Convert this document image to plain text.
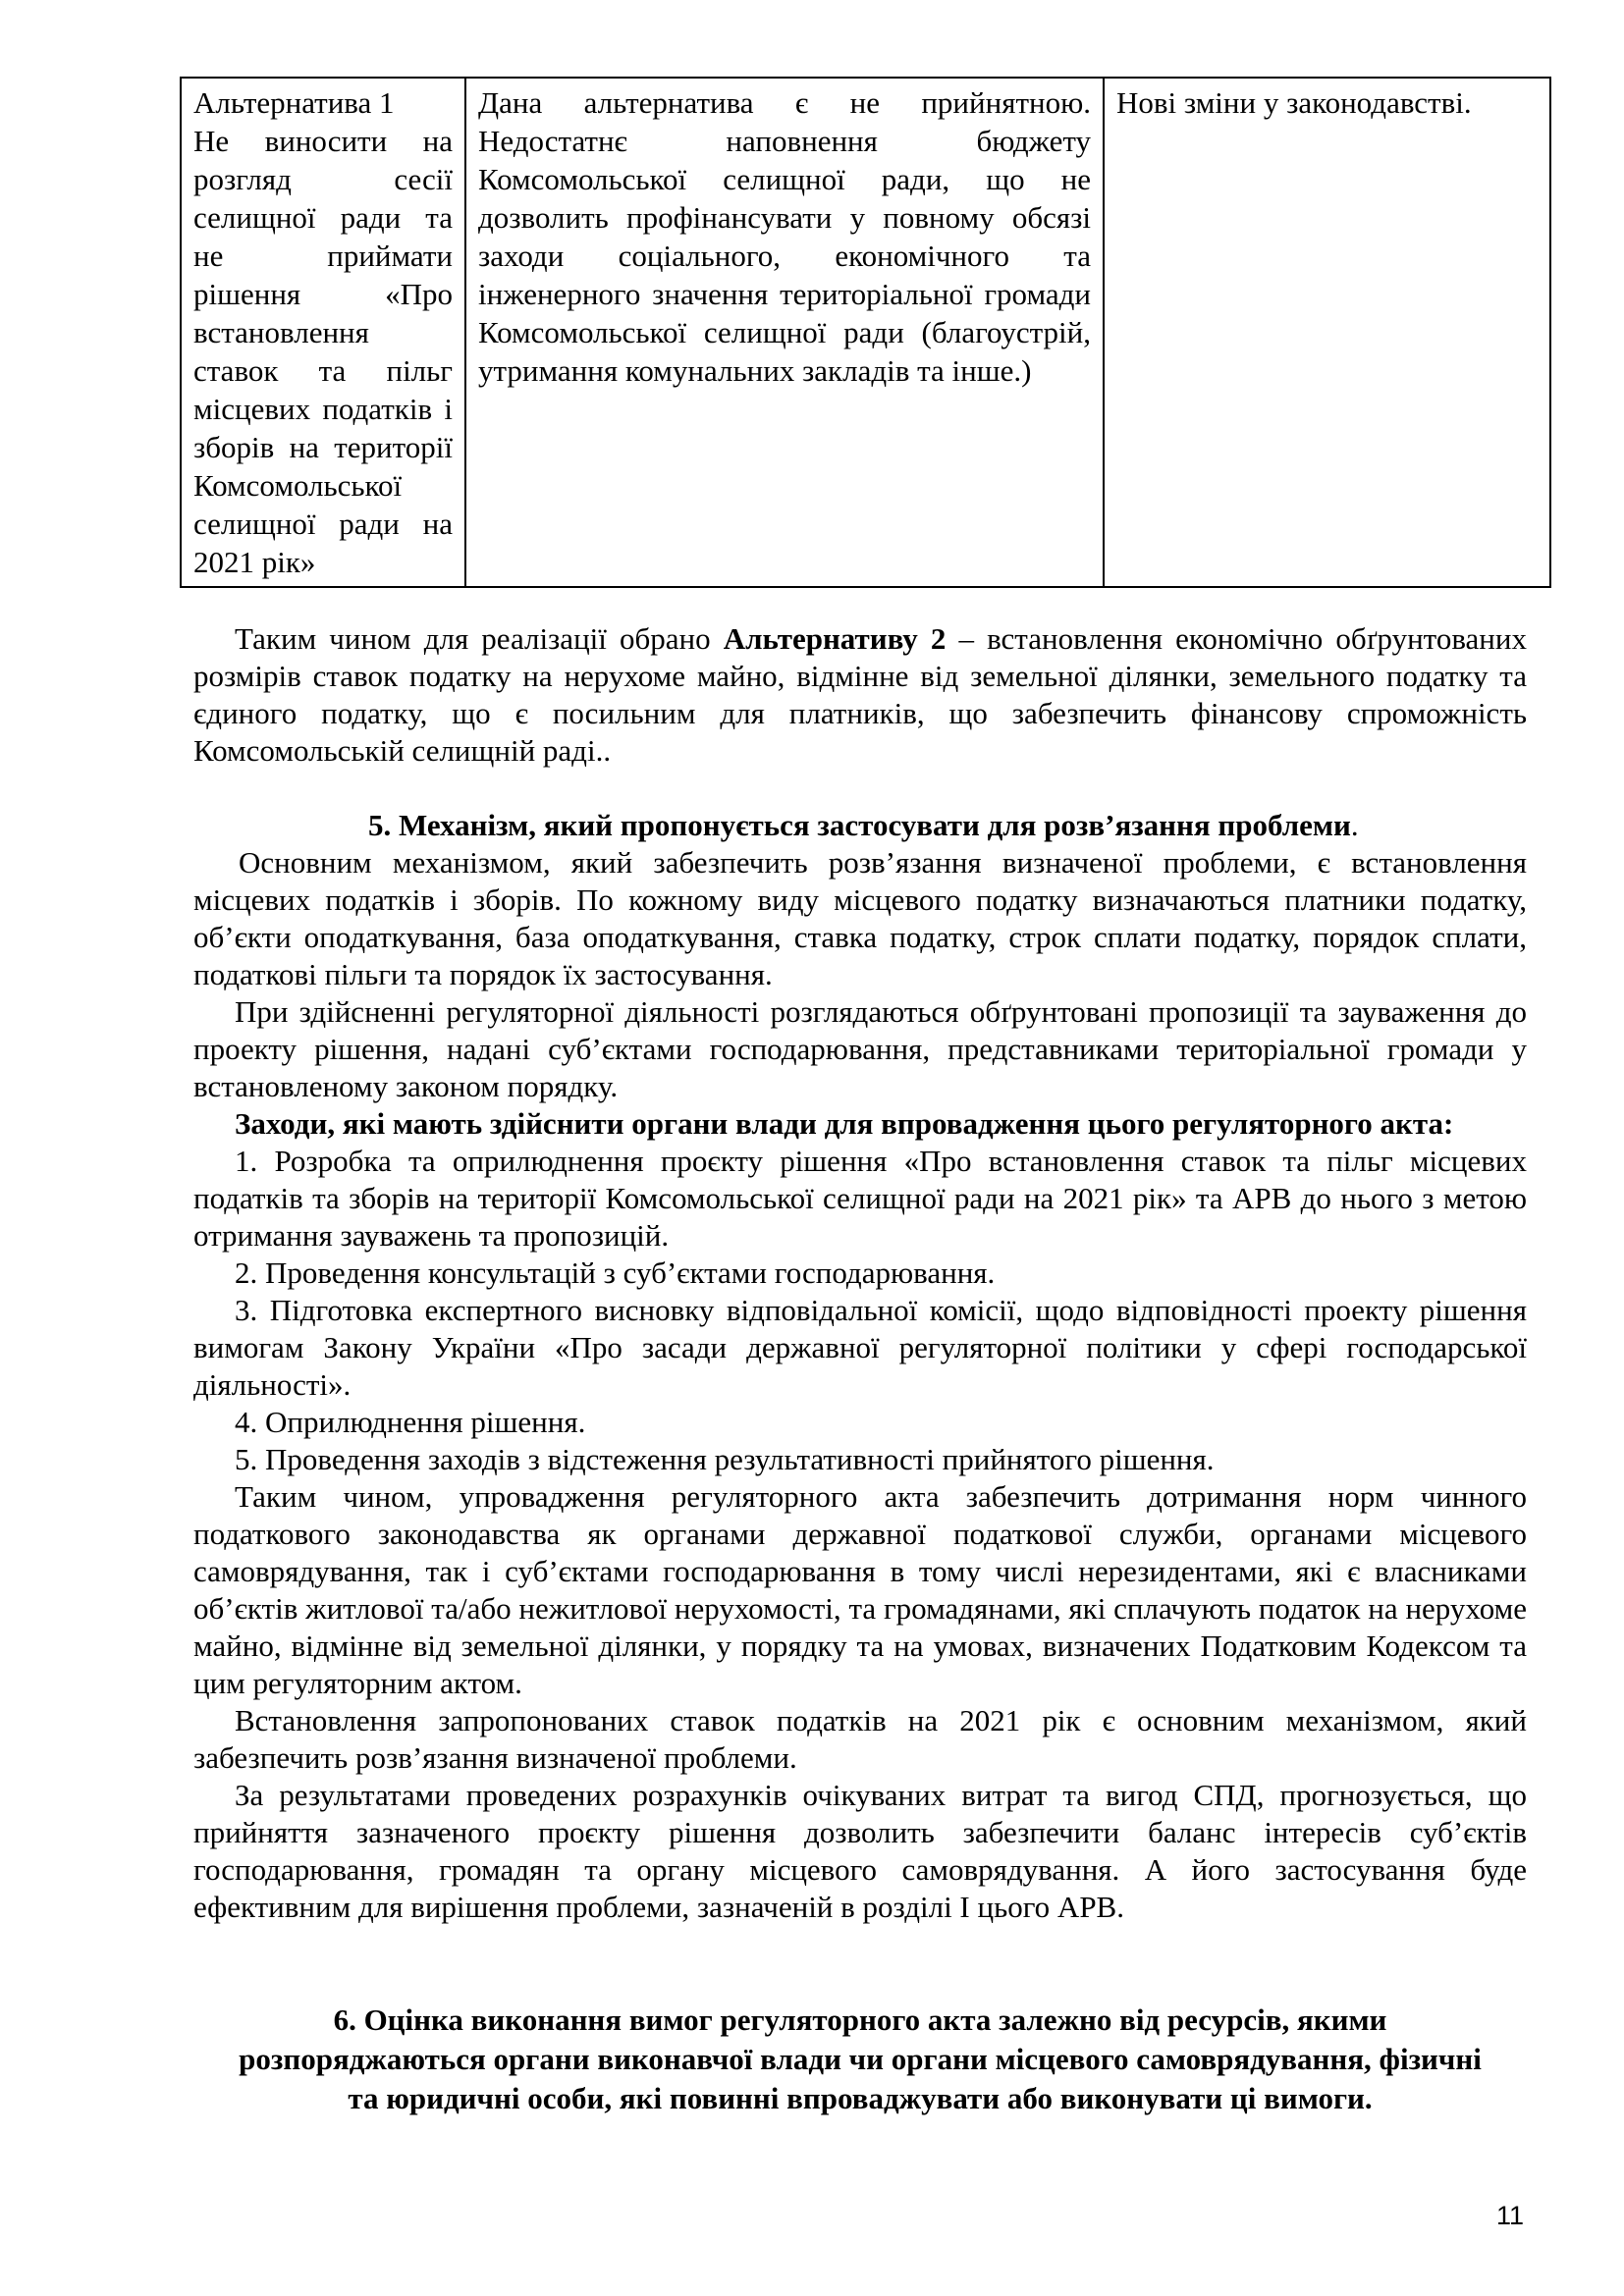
Альтернатива 1
Не виносити на розгляд сесії селищної ради та не приймати рішення «Про встановлення ставок та пільг місцевих податків і зборів на території Комсомольської селищної ради на 2021 рік»
	Дана альтернатива є не прийнятною. Недостатнє наповнення бюджету Комсомольської селищної ради, що не дозволить профінансувати у повному обсязі заходи соціального, економічного та інженерного значення територіальної громади Комсомольської селищної ради (благоустрій, утримання комунальних закладів та інше.)	Нові зміни у законодавстві.

Таким чином для реалізації обрано Альтернативу 2 – встановлення економічно обґрунтованих розмірів ставок податку на нерухоме майно, відмінне від земельної ділянки, земельного податку та єдиного податку, що є посильним для платників, що забезпечить фінансову спроможність Комсомольській селищній раді..

5. Механізм, який пропонується застосувати для розв’язання проблеми.

Основним механізмом, який забезпечить розв’язання визначеної проблеми, є встановлення місцевих податків і зборів. По кожному виду місцевого податку визначаються платники податку, об’єкти оподаткування, база оподаткування, ставка податку, строк сплати податку, порядок сплати, податкові пільги та порядок їх застосування.

При здійсненні регуляторної діяльності розглядаються обґрунтовані пропозиції та зауваження до проекту рішення, надані суб’єктами господарювання, представниками територіальної громади у встановленому законом порядку.

Заходи, які мають здійснити органи влади для впровадження цього регуляторного акта:

1. Розробка та оприлюднення проєкту рішення «Про встановлення ставок та пільг місцевих податків та зборів на території Комсомольської селищної ради на 2021 рік» та АРВ до нього з метою отримання зауважень та пропозицій.

2. Проведення консультацій з суб’єктами господарювання.

3. Підготовка експертного висновку відповідальної комісії, щодо відповідності проекту рішення вимогам Закону України «Про засади державної регуляторної політики у сфері господарської діяльності».

4. Оприлюднення рішення.

5. Проведення заходів з відстеження результативності прийнятого рішення.

Таким чином, упровадження регуляторного акта забезпечить дотримання норм чинного податкового законодавства як органами державної податкової служби, органами місцевого самоврядування, так і суб’єктами господарювання в тому числі нерезидентами, які є власниками об’єктів житлової та/або нежитлової нерухомості, та громадянами, які сплачують податок на нерухоме майно, відмінне від земельної ділянки, у порядку та на умовах, визначених Податковим Кодексом та цим регуляторним актом.

Встановлення запропонованих ставок податків на 2021 рік є основним механізмом, який забезпечить розв’язання визначеної проблеми.

За результатами проведених розрахунків очікуваних витрат та вигод СПД, прогнозується, що прийняття зазначеного проєкту рішення дозволить забезпечити баланс інтересів суб’єктів господарювання, громадян та органу місцевого самоврядування. А його застосування буде ефективним для вирішення проблеми, зазначеній в розділі І цього АРВ.

6. Оцінка виконання вимог регуляторного акта залежно від ресурсів, якими розпоряджаються органи виконавчої влади чи органи місцевого самоврядування, фізичні та юридичні особи, які повинні впроваджувати або виконувати ці вимоги.
11
